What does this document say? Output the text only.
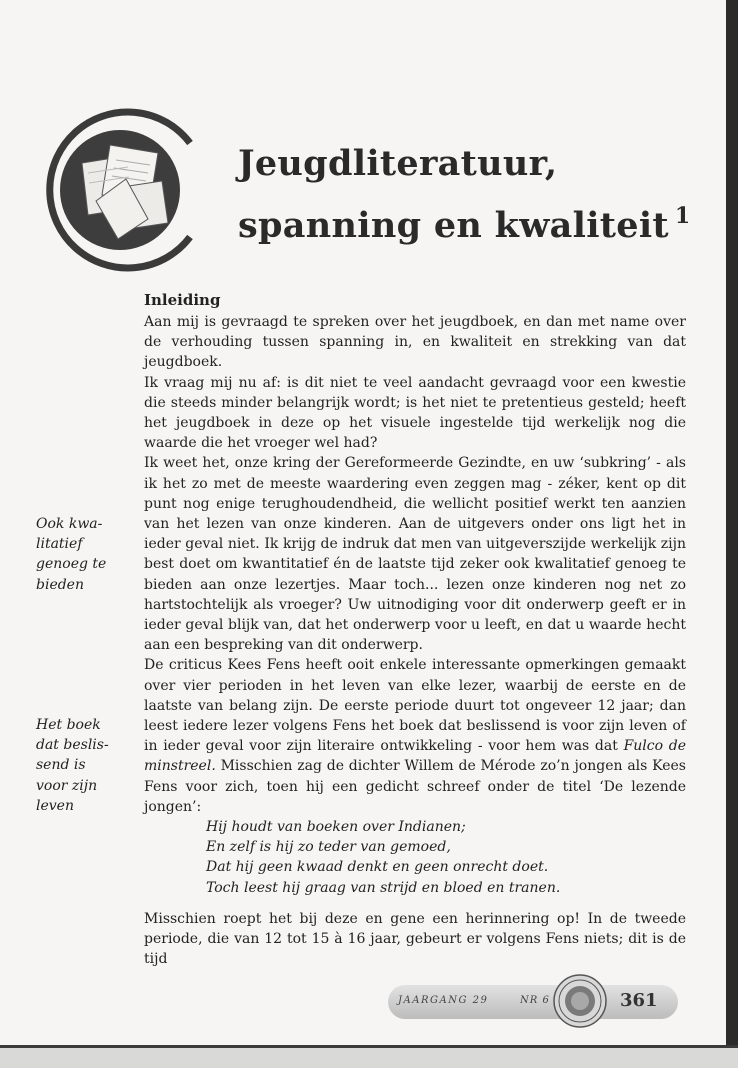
Jeugdliteratuur,
spanning en kwaliteit $^1$
Inleiding

Aan mij is gevraagd te spreken over het jeugdboek, en dan met name over de verhouding tussen spanning in, en kwaliteit en strekking van dat jeugdboek.

Ik vraag mij nu af: is dit niet te veel aandacht gevraagd voor een kwestie die steeds minder belangrijk wordt; is het niet te pretentieus gesteld; heeft het jeugdboek in deze op het visuele ingestelde tijd werkelijk nog die waarde die het vroeger wel had?

Ik weet het, onze kring der Gereformeerde Gezindte, en uw ‘subkring’ - als ik het zo met de meeste waardering even zeggen mag - zéker, kent op dit punt nog enige terughoudendheid, die wellicht positief werkt ten aanzien van het lezen van onze kinderen. Aan de uitgevers onder ons ligt het in ieder geval niet. Ik krijg de indruk dat men van uitgeverszijde werkelijk zijn best doet om kwantitatief én de laatste tijd zeker ook kwalitatief genoeg te bieden aan onze lezertjes. Maar toch... lezen onze kinderen nog net zo hartstochtelijk als vroeger? Uw uitnodiging voor dit onderwerp geeft er in ieder geval blijk van, dat het onderwerp voor u leeft, en dat u waarde hecht aan een bespreking van dit onderwerp.

De criticus Kees Fens heeft ooit enkele interessante opmerkingen gemaakt over vier perioden in het leven van elke lezer, waarbij de eerste en de laatste van belang zijn. De eerste periode duurt tot ongeveer 12 jaar; dan leest iedere lezer volgens Fens het boek dat beslissend is voor zijn leven of in ieder geval voor zijn literaire ontwikkeling - voor hem was dat Fulco de minstreel. Misschien zag de dichter Willem de Mérode zo’n jongen als Kees Fens voor zich, toen hij een gedicht schreef onder de titel ‘De lezende jongen’:

Hij houdt van boeken over Indianen;
En zelf is hij zo teder van gemoed,
Dat hij geen kwaad denkt en geen onrecht doet.
Toch leest hij graag van strijd en bloed en tranen.

Misschien roept het bij deze en gene een herinnering op! In de tweede periode, die van 12 tot 15 à 16 jaar, gebeurt er volgens Fens niets; dit is de tijd

Ook kwa-
litatief
genoeg te
bieden
Het boek
dat beslis-
send is
voor zijn
leven
JAARGANG 29	NR 6	361
